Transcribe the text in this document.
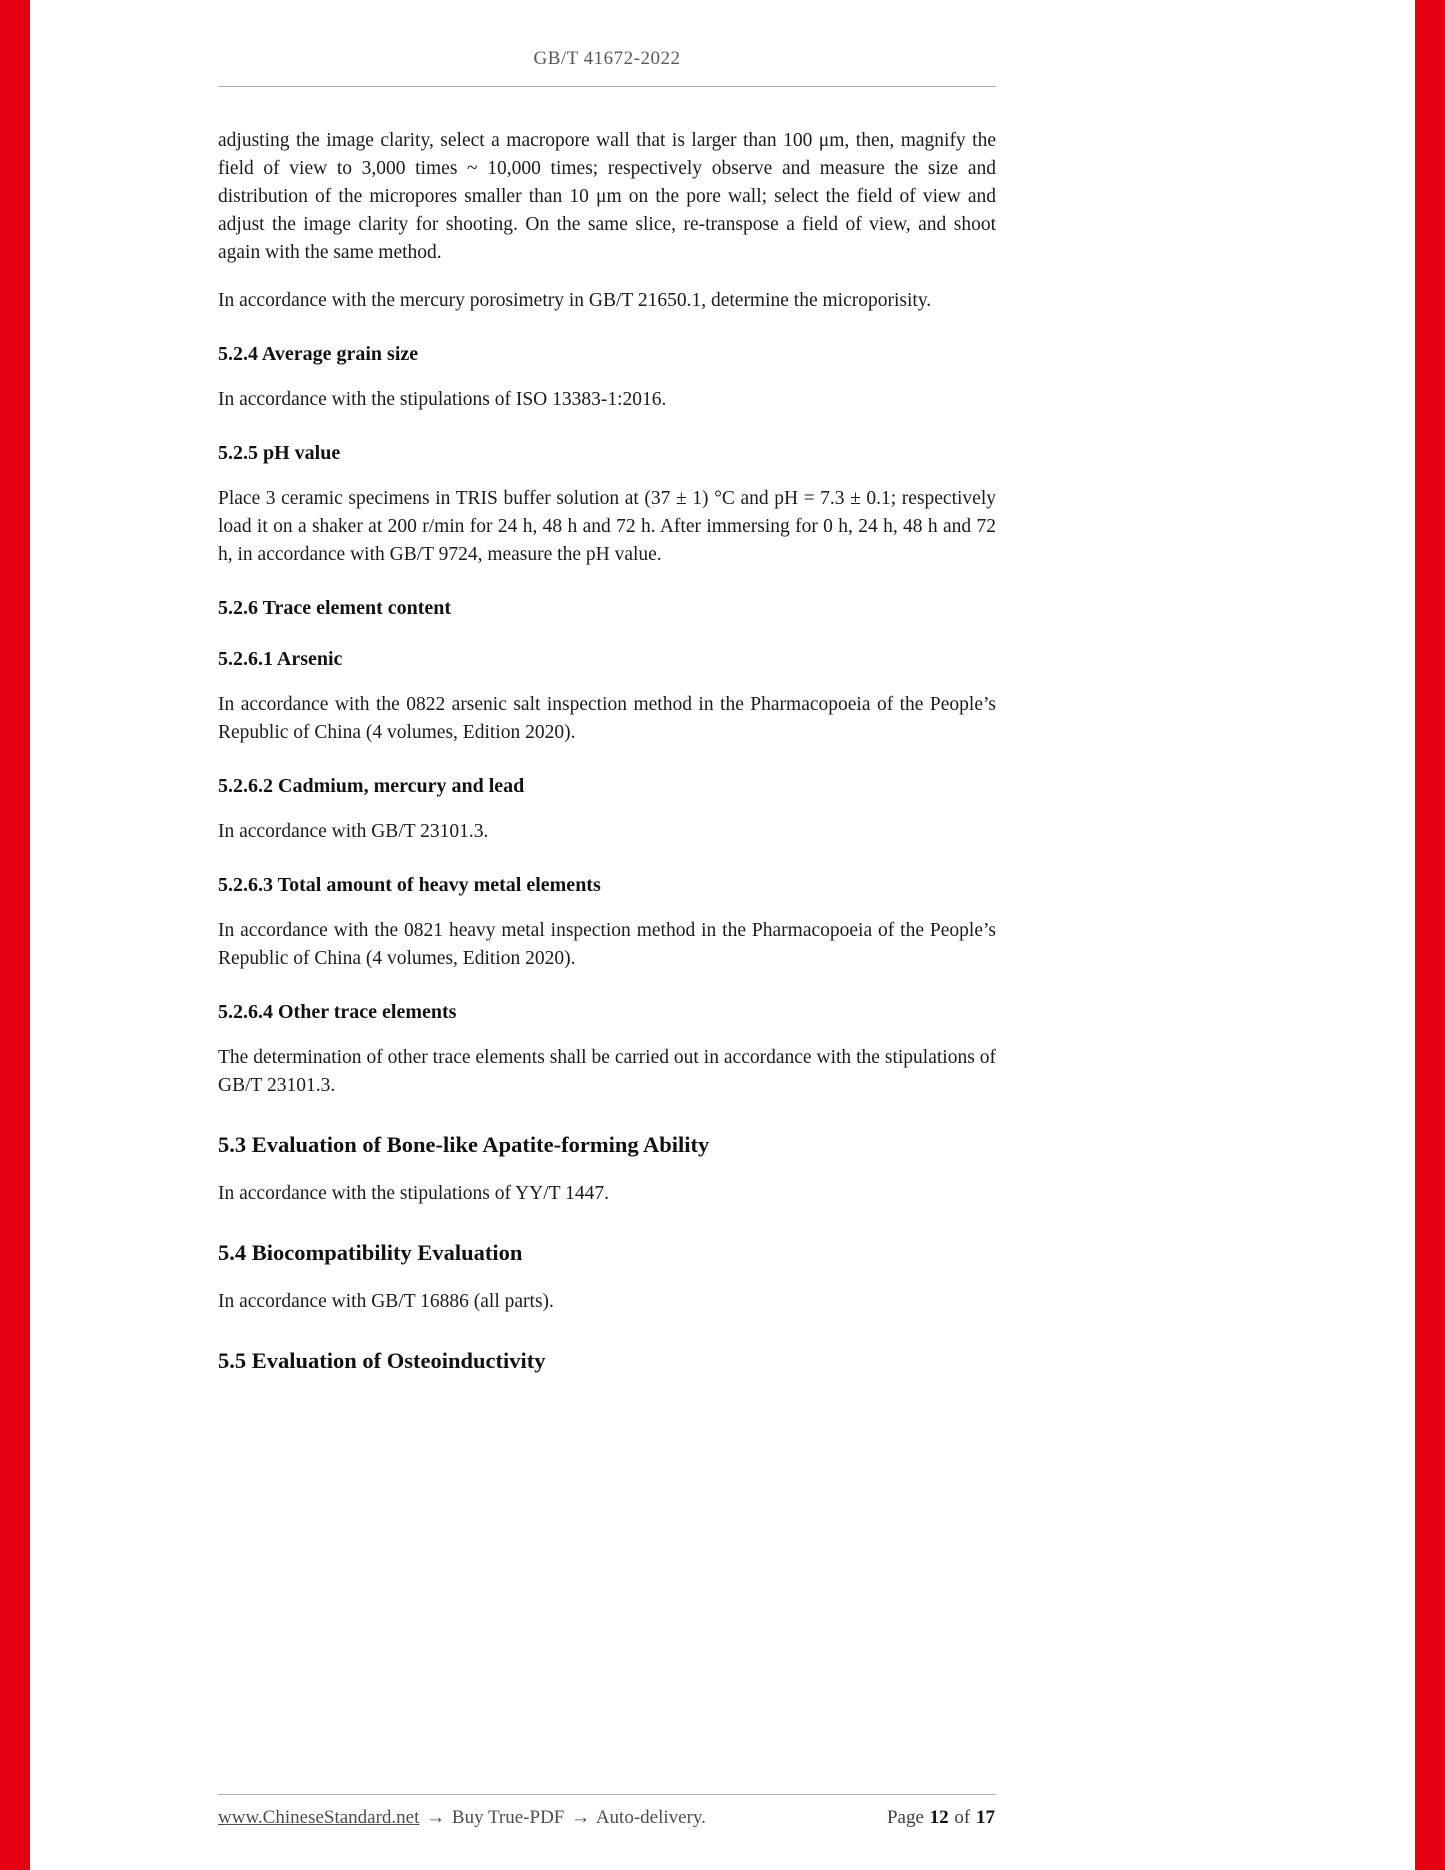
GB/T 41672-2022

adjusting the image clarity, select a macropore wall that is larger than 100 μm, then, magnify the field of view to 3,000 times ~ 10,000 times; respectively observe and measure the size and distribution of the micropores smaller than 10 μm on the pore wall; select the field of view and adjust the image clarity for shooting. On the same slice, re-transpose a field of view, and shoot again with the same method.

In accordance with the mercury porosimetry in GB/T 21650.1, determine the microporisity.

5.2.4 Average grain size

In accordance with the stipulations of ISO 13383-1:2016.

5.2.5 pH value

Place 3 ceramic specimens in TRIS buffer solution at (37 ± 1) °C and pH = 7.3 ± 0.1; respectively load it on a shaker at 200 r/min for 24 h, 48 h and 72 h. After immersing for 0 h, 24 h, 48 h and 72 h, in accordance with GB/T 9724, measure the pH value.

5.2.6 Trace element content
5.2.6.1 Arsenic

In accordance with the 0822 arsenic salt inspection method in the Pharmacopoeia of the People’s Republic of China (4 volumes, Edition 2020).

5.2.6.2 Cadmium, mercury and lead

In accordance with GB/T 23101.3.

5.2.6.3 Total amount of heavy metal elements

In accordance with the 0821 heavy metal inspection method in the Pharmacopoeia of the People’s Republic of China (4 volumes, Edition 2020).

5.2.6.4 Other trace elements

The determination of other trace elements shall be carried out in accordance with the stipulations of GB/T 23101.3.

5.3 Evaluation of Bone-like Apatite-forming Ability

In accordance with the stipulations of YY/T 1447.

5.4 Biocompatibility Evaluation

In accordance with GB/T 16886 (all parts).

5.5 Evaluation of Osteoinductivity
www.ChineseStandard.net → Buy True-PDF → Auto-delivery.	Page 12 of 17
